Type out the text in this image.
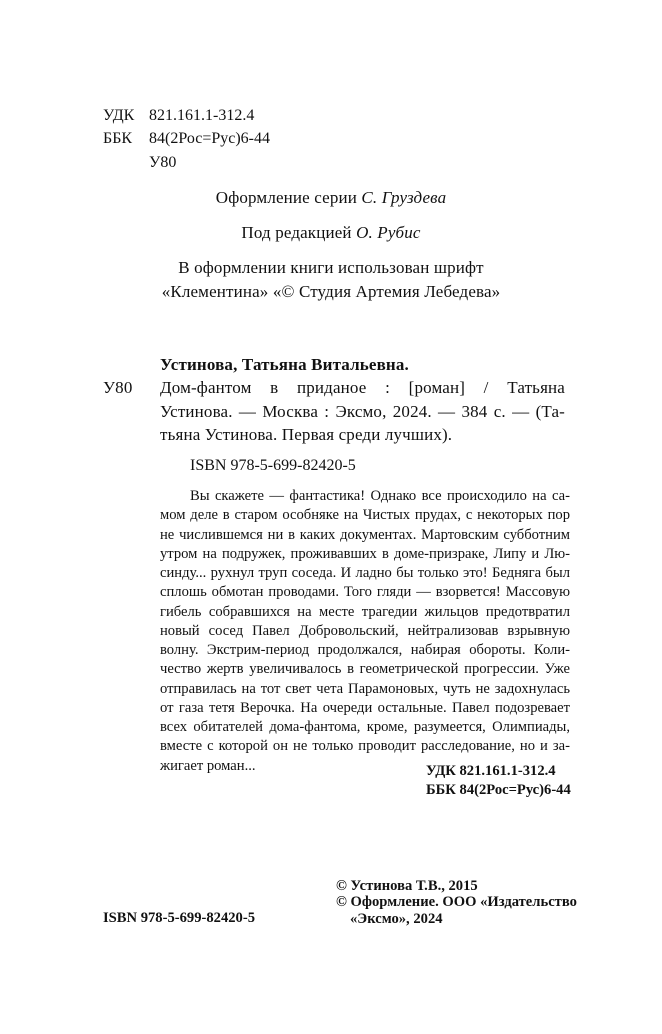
УДК 821.161.1-312.4
ББК 84(2Рос=Рус)6-44
У80
Оформление серии С. Груздева
Под редакцией О. Рубис
В оформлении книги использован шрифт
«Клементина» «© Студия Артемия Лебедева»
Устинова, Татьяна Витальевна.
У80 Дом-фантом в приданое : [роман] / Татьяна
Устинова. — Москва : Эксмо, 2024. — 384 с. — (Та-
тьяна Устинова. Первая среди лучших).
ISBN 978-5-699-82420-5
Вы скажете — фантастика! Однако все происходило на са-
мом деле в старом особняке на Чистых прудах, с некоторых пор
не числившемся ни в каких документах. Мартовским субботним
утром на подружек, проживавших в доме-призраке, Липу и Лю-
синду... рухнул труп соседа. И ладно бы только это! Бедняга был
сплошь обмотан проводами. Того гляди — взорвется! Массовую
гибель собравшихся на месте трагедии жильцов предотвратил
новый сосед Павел Добровольский, нейтрализовав взрывную
волну. Экстрим-период продолжался, набирая обороты. Коли-
чество жертв увеличивалось в геометрической прогрессии. Уже
отправилась на тот свет чета Парамоновых, чуть не задохнулась
от газа тетя Верочка. На очереди остальные. Павел подозревает
всех обитателей дома-фантома, кроме, разумеется, Олимпиады,
вместе с которой он не только проводит расследование, но и за-
жигает роман...	УДК 821.161.1-312.4
ББК 84(2Рос=Рус)6-44
ISBN 978-5-699-82420-5
© Устинова Т.В., 2015
© Оформление. ООО «Издательство
«Эксмо», 2024
